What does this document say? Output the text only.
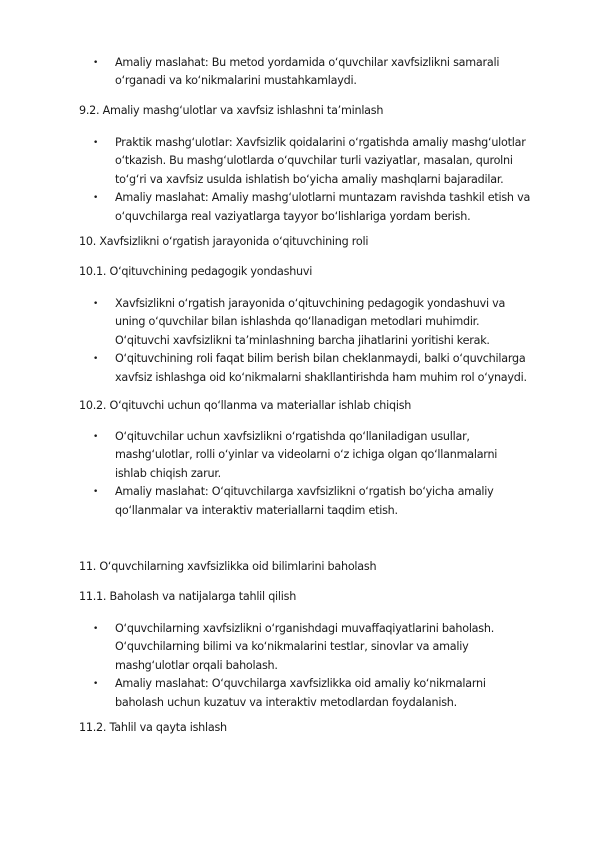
• Amaliy maslahat: Bu metod yordamida o‘quvchilar xavfsizlikni samarali
o‘rganadi va ko‘nikmalarini mustahkamlaydi.
9.2. Amaliy mashg‘ulotlar va xavfsiz ishlashni ta’minlash
• Praktik mashg‘ulotlar: Xavfsizlik qoidalarini o‘rgatishda amaliy mashg‘ulotlar
o‘tkazish. Bu mashg‘ulotlarda o‘quvchilar turli vaziyatlar, masalan, qurolni
to‘g‘ri va xavfsiz usulda ishlatish bo‘yicha amaliy mashqlarni bajaradilar.
• Amaliy maslahat: Amaliy mashg‘ulotlarni muntazam ravishda tashkil etish va
o‘quvchilarga real vaziyatlarga tayyor bo‘lishlariga yordam berish.
10. Xavfsizlikni o‘rgatish jarayonida o‘qituvchining roli
10.1. O‘qituvchining pedagogik yondashuvi
• Xavfsizlikni o‘rgatish jarayonida o‘qituvchining pedagogik yondashuvi va
uning o‘quvchilar bilan ishlashda qo‘llanadigan metodlari muhimdir.
O‘qituvchi xavfsizlikni ta’minlashning barcha jihatlarini yoritishi kerak.
• O‘qituvchining roli faqat bilim berish bilan cheklanmaydi, balki o‘quvchilarga
xavfsiz ishlashga oid ko‘nikmalarni shakllantirishda ham muhim rol o‘ynaydi.
10.2. O‘qituvchi uchun qo‘llanma va materiallar ishlab chiqish
• O‘qituvchilar uchun xavfsizlikni o‘rgatishda qo‘llaniladigan usullar,
mashg‘ulotlar, rolli o‘yinlar va videolarni o‘z ichiga olgan qo‘llanmalarni
ishlab chiqish zarur.
• Amaliy maslahat: O‘qituvchilarga xavfsizlikni o‘rgatish bo‘yicha amaliy
qo‘llanmalar va interaktiv materiallarni taqdim etish.
11. O‘quvchilarning xavfsizlikka oid bilimlarini baholash
11.1. Baholash va natijalarga tahlil qilish
• O‘quvchilarning xavfsizlikni o‘rganishdagi muvaffaqiyatlarini baholash.
O‘quvchilarning bilimi va ko‘nikmalarini testlar, sinovlar va amaliy
mashg‘ulotlar orqali baholash.
• Amaliy maslahat: O‘quvchilarga xavfsizlikka oid amaliy ko‘nikmalarni
baholash uchun kuzatuv va interaktiv metodlardan foydalanish.
11.2. Tahlil va qayta ishlash
